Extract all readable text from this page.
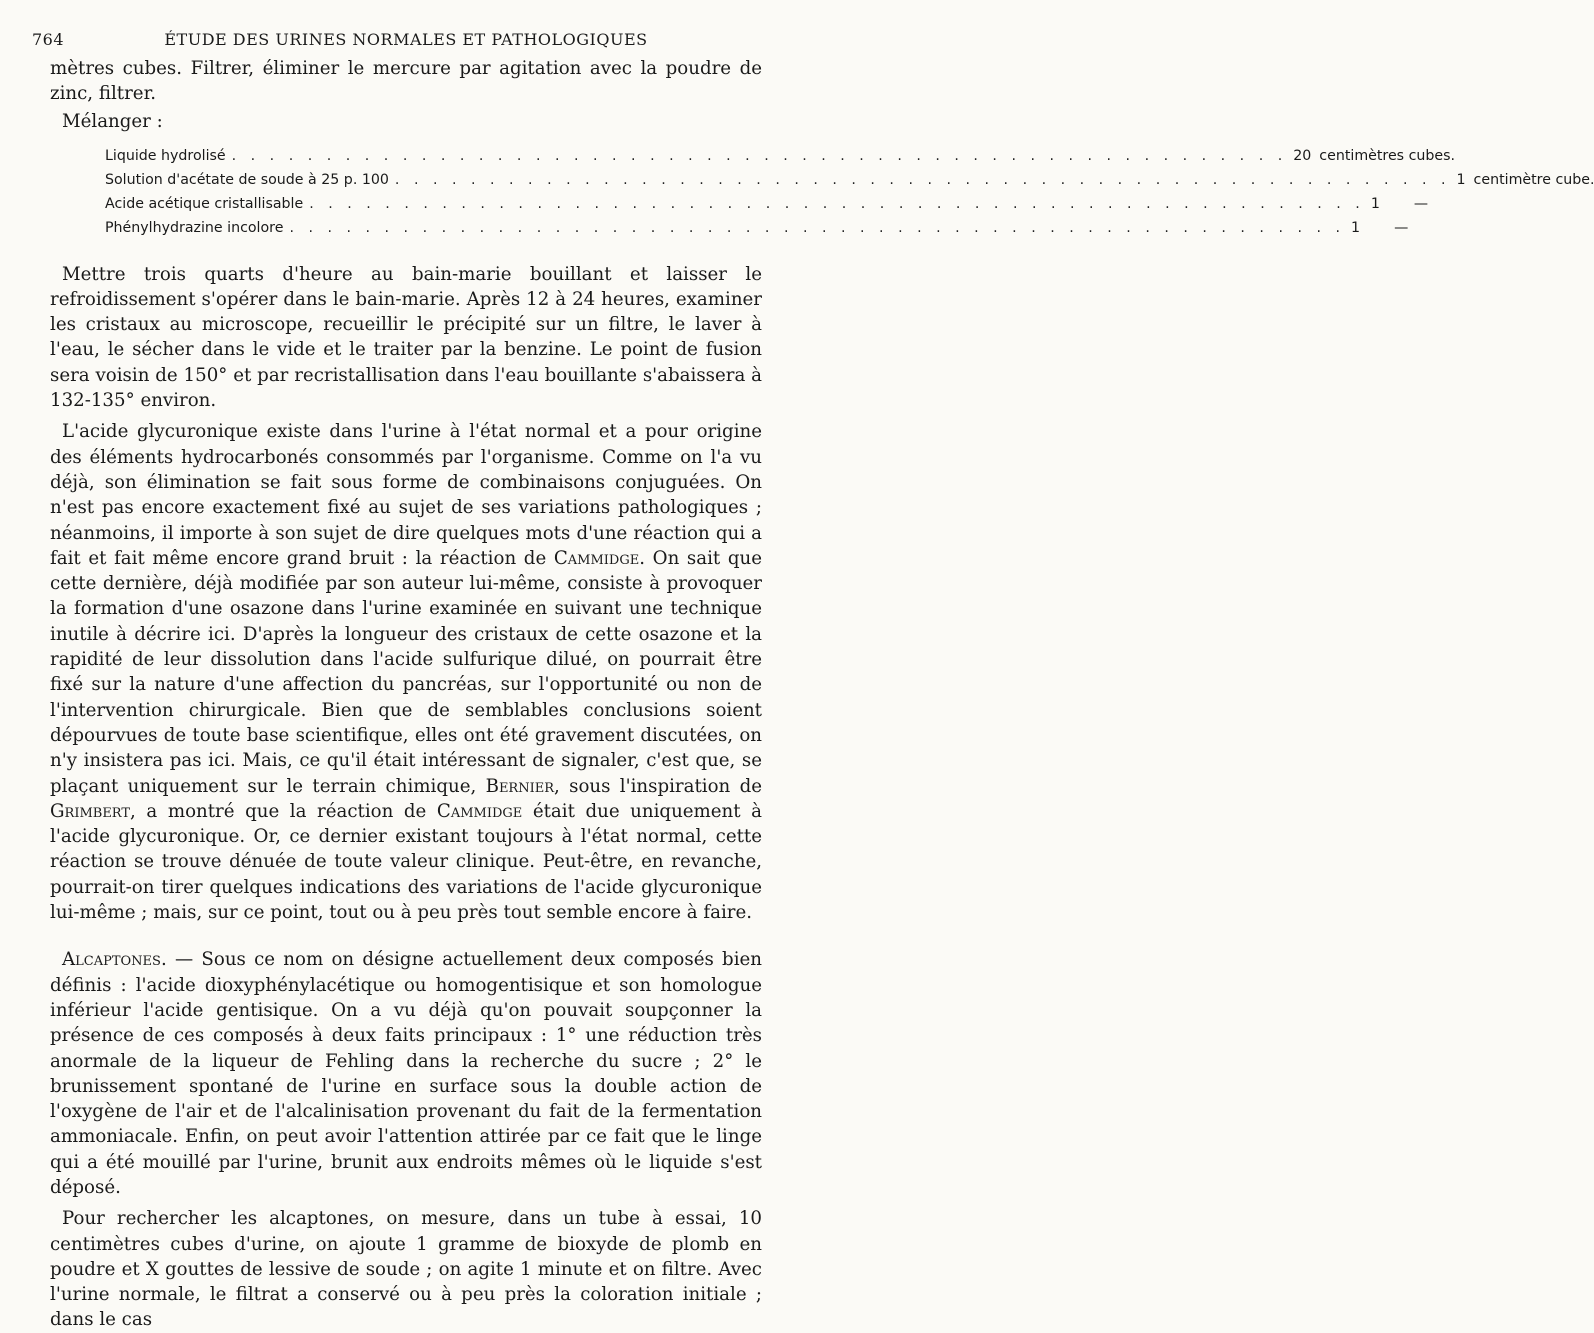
764	ÉTUDE DES URINES NORMALES ET PATHOLOGIQUES

mètres cubes. Filtrer, éliminer le mercure par agitation avec la poudre de zinc, filtrer.

Mélanger :

Liquide hydrolisé . . . . . . . . . . . . . . . . . . . . . . . . . . . . . . . . . . . . . . . . . . . . . . . . . . . . . . . . 20 centimètres cubes.
Solution d'acétate de soude à 25 p. 100 . . . . . . . . . . . . . . . . . . . . . . . . . . . . . . . . . . . . . . . . . . . . . . . . . . . . . . . . 1 centimètre cube.
Acide acétique cristallisable . . . . . . . . . . . . . . . . . . . . . . . . . . . . . . . . . . . . . . . . . . . . . . . . . . . . . . . . 1	—
Phénylhydrazine incolore . . . . . . . . . . . . . . . . . . . . . . . . . . . . . . . . . . . . . . . . . . . . . . . . . . . . . . . . 1	—

Mettre trois quarts d'heure au bain-marie bouillant et laisser le refroidissement s'opérer dans le bain-marie. Après 12 à 24 heures, examiner les cristaux au microscope, recueillir le précipité sur un filtre, le laver à l'eau, le sécher dans le vide et le traiter par la benzine. Le point de fusion sera voisin de 150° et par recristallisation dans l'eau bouillante s'abaissera à 132-135° environ.

L'acide glycuronique existe dans l'urine à l'état normal et a pour origine des éléments hydrocarbonés consommés par l'organisme. Comme on l'a vu déjà, son élimination se fait sous forme de combinaisons conjuguées. On n'est pas encore exactement fixé au sujet de ses variations pathologiques ; néanmoins, il importe à son sujet de dire quelques mots d'une réaction qui a fait et fait même encore grand bruit : la réaction de Cammidge. On sait que cette dernière, déjà modifiée par son auteur lui-même, consiste à provoquer la formation d'une osazone dans l'urine examinée en suivant une technique inutile à décrire ici. D'après la longueur des cristaux de cette osazone et la rapidité de leur dissolution dans l'acide sulfurique dilué, on pourrait être fixé sur la nature d'une affection du pancréas, sur l'opportunité ou non de l'intervention chirurgicale. Bien que de semblables conclusions soient dépourvues de toute base scientifique, elles ont été gravement discutées, on n'y insistera pas ici. Mais, ce qu'il était intéressant de signaler, c'est que, se plaçant uniquement sur le terrain chimique, Bernier, sous l'inspiration de Grimbert, a montré que la réaction de Cammidge était due uniquement à l'acide glycuronique. Or, ce dernier existant toujours à l'état normal, cette réaction se trouve dénuée de toute valeur clinique. Peut-être, en revanche, pourrait-on tirer quelques indications des variations de l'acide glycuronique lui-même ; mais, sur ce point, tout ou à peu près tout semble encore à faire.

Alcaptones. — Sous ce nom on désigne actuellement deux composés bien définis : l'acide dioxyphénylacétique ou homogentisique et son homologue inférieur l'acide gentisique. On a vu déjà qu'on pouvait soupçonner la présence de ces composés à deux faits principaux : 1° une réduction très anormale de la liqueur de Fehling dans la recherche du sucre ; 2° le brunissement spontané de l'urine en surface sous la double action de l'oxygène de l'air et de l'alcalinisation provenant du fait de la fermentation ammoniacale. Enfin, on peut avoir l'attention attirée par ce fait que le linge qui a été mouillé par l'urine, brunit aux endroits mêmes où le liquide s'est déposé.

Pour rechercher les alcaptones, on mesure, dans un tube à essai, 10 centimètres cubes d'urine, on ajoute 1 gramme de bioxyde de plomb en poudre et X gouttes de lessive de soude ; on agite 1 minute et on filtre. Avec l'urine normale, le filtrat a conservé ou à peu près la coloration initiale ; dans le cas
